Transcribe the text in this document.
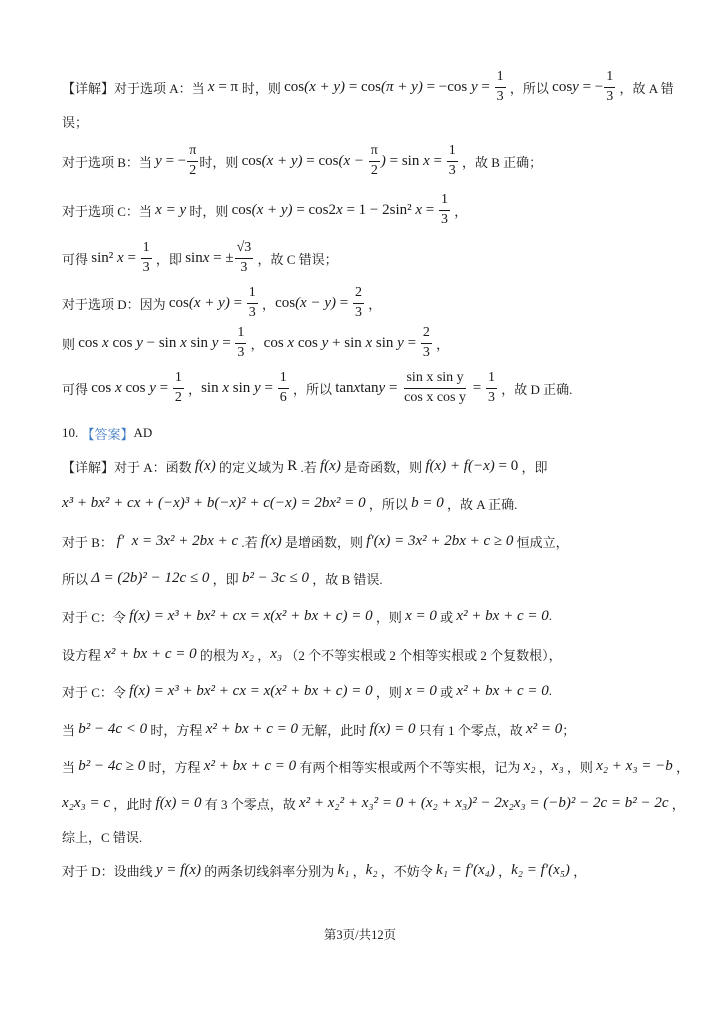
第3页/共12页
【详解】对于选项 A：当 x = π 时，则 cos (x + y) = cos (π + y) = −cos $y = \frac{1}{3}$ ，所以 cos y = − $\frac{1}{3}$ ，故 A 错
误；
对于选项 B：当 y = − $\frac{\pi}{2}$ 时，则 $\cos (x + y) = \cos (x - \frac{\pi}{2}$ ) = $\sin x = \frac{1}{3}$ ，故 B 正确；
对于选项 C：当 x = y 时，则 cos (x + y) = cos2 x = 1 − 2sin² $x = \frac{1}{3}$ ，
可得 sin² $x = \frac{1}{3}$ ，即 sin x = ± $\frac{√3}{3}$ ，故 C 错误；
对于选项 D：因为 $\cos (x + y) = \frac{1}{3}$ ， $\cos (x - y) = \frac{2}{3}$ ，
则 cos x cos y − sin x $\sin y = \frac{1}{3}$ ， cos x cos y + sin x $\sin y = \frac{2}{3}$ ，
可得 cos x $\cos y = \frac{1}{2}$ ， sin x $\sin y = \frac{1}{6}$ ，所以 tan x $\tan y = \frac{\text{sin x sin y}}{\text{cos x cos y}} = \frac{1}{3}$ ，故 D 正确.
10. 【答案】 AD
【详解】对于 A：函数 f(x) 的定义域为 R .若 f(x) 是奇函数，则 f(x) + f(−x) = 0 ，即
x³ + bx² + cx + (−x)³ + b(−x)² + c(−x) = 2bx² = 0 ，所以 b = 0 ，故 A 正确.
对于 B： f′  x = 3x² + 2bx + c .若 f(x) 是增函数，则 f′(x) = 3x² + 2bx + c ≥ 0 恒成立，
所以 Δ = (2b)² − 12c ≤ 0 ，即 b² − 3c ≤ 0 ，故 B 错误.
对于 C：令 f(x) = x³ + bx² + cx = x(x² + bx + c) = 0 ，则 x = 0 或 x² + bx + c = 0 .
设方程 x² + bx + c = 0 的根为 x₂ ， x₃ （2 个不等实根或 2 个相等实根或 2 个复数根），
对于 C：令 f(x) = x³ + bx² + cx = x(x² + bx + c) = 0 ，则 x = 0 或 x² + bx + c = 0 .
当 b² − 4c < 0 时，方程 x² + bx + c = 0 无解，此时 f(x) = 0 只有 1 个零点，故 x² = 0 ；
当 b² − 4c ≥ 0 时，方程 x² + bx + c = 0 有两个相等实根或两个不等实根，记为 x₂ ， x₃ ，则 x₂ + x₃ = −b ，
x₂x₃ = c ，此时 f(x) = 0 有 3 个零点，故 x² + x₂² + x₃² = 0 + (x₂ + x₃)² − 2x₂x₃ = (−b)² − 2c = b² − 2c ，
综上，C 错误.
对于 D：设曲线 y = f(x) 的两条切线斜率分别为 k₁ ， k₂ ，不妨令 k₁ = f′(x₄) ， k₂ = f′(x₅) ，
